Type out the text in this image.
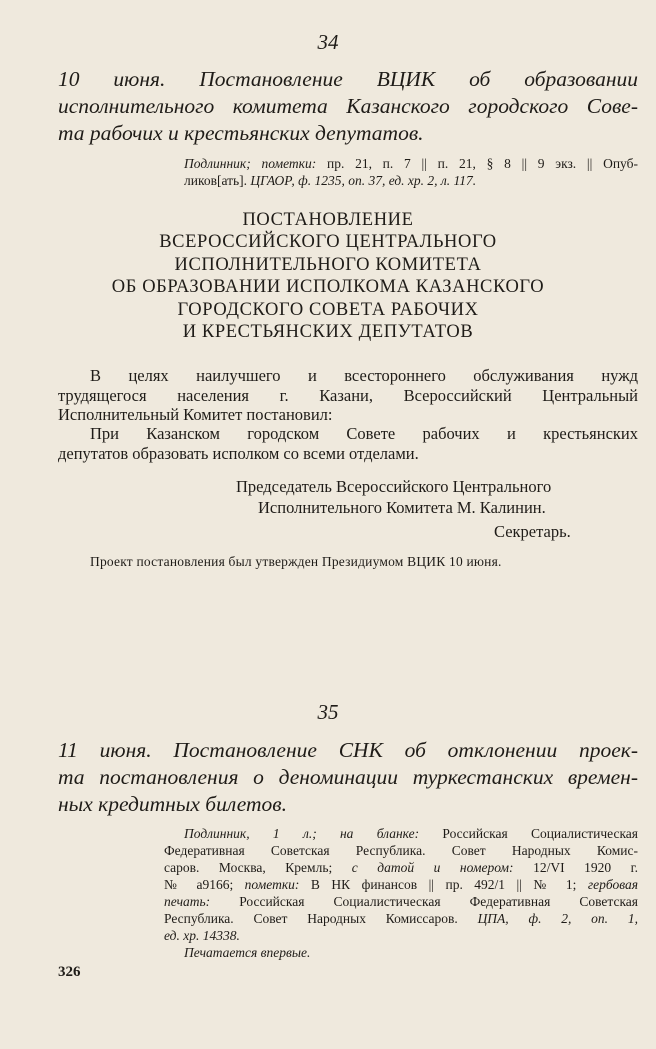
34
10 июня. Постановление ВЦИК об образовании
исполнительного комитета Казанского городского Сове-
та рабочих и крестьянских депутатов.
Подлинник; пометки: пр. 21, п. 7 || п. 21, § 8 || 9 экз. || Опуб-
ликов[ать]. ЦГАОР, ф. 1235, оп. 37, ед. хр. 2, л. 117.
ПОСТАНОВЛЕНИЕ
ВСЕРОССИЙСКОГО ЦЕНТРАЛЬНОГО
ИСПОЛНИТЕЛЬНОГО КОМИТЕТА
ОБ ОБРАЗОВАНИИ ИСПОЛКОМА КАЗАНСКОГО
ГОРОДСКОГО СОВЕТА РАБОЧИХ
И КРЕСТЬЯНСКИХ ДЕПУТАТОВ
В целях наилучшего и всестороннего обслуживания нужд
трудящегося населения г. Казани, Всероссийский Центральный
Исполнительный Комитет постановил:
При Казанском городском Совете рабочих и крестьянских
депутатов образовать исполком со всеми отделами.
Председатель Всероссийского Центрального
Исполнительного Комитета М. Калинин.
Секретарь.
Проект постановления был утвержден Президиумом ВЦИК 10 июня.
35
11 июня. Постановление СНК об отклонении проек-
та постановления о деноминации туркестанских времен-
ных кредитных билетов.
Подлинник, 1 л.; на бланке: Российская Социалистическая
Федеративная Советская Республика. Совет Народных Комис-
саров. Москва, Кремль; с датой и номером: 12/VI 1920 г.
№ а9166; пометки: В НК финансов || пр. 492/1 || № 1; гербовая
печать: Российская Социалистическая Федеративная Советская
Республика. Совет Народных Комиссаров. ЦПА, ф. 2, оп. 1,
ед. хр. 14338.
Печатается впервые.
326
